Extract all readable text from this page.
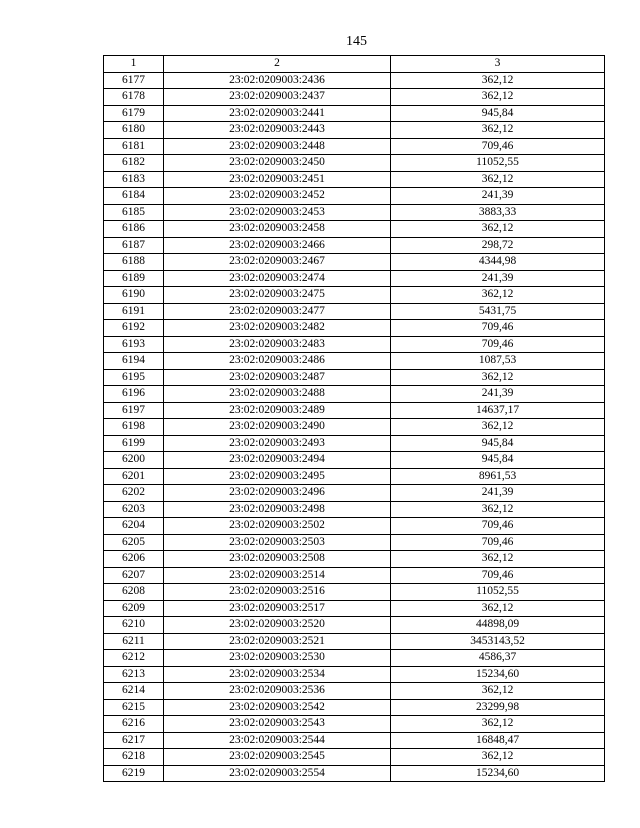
145
1	2	3
6177	23:02:0209003:2436	362,12
6178	23:02:0209003:2437	362,12
6179	23:02:0209003:2441	945,84
6180	23:02:0209003:2443	362,12
6181	23:02:0209003:2448	709,46
6182	23:02:0209003:2450	11052,55
6183	23:02:0209003:2451	362,12
6184	23:02:0209003:2452	241,39
6185	23:02:0209003:2453	3883,33
6186	23:02:0209003:2458	362,12
6187	23:02:0209003:2466	298,72
6188	23:02:0209003:2467	4344,98
6189	23:02:0209003:2474	241,39
6190	23:02:0209003:2475	362,12
6191	23:02:0209003:2477	5431,75
6192	23:02:0209003:2482	709,46
6193	23:02:0209003:2483	709,46
6194	23:02:0209003:2486	1087,53
6195	23:02:0209003:2487	362,12
6196	23:02:0209003:2488	241,39
6197	23:02:0209003:2489	14637,17
6198	23:02:0209003:2490	362,12
6199	23:02:0209003:2493	945,84
6200	23:02:0209003:2494	945,84
6201	23:02:0209003:2495	8961,53
6202	23:02:0209003:2496	241,39
6203	23:02:0209003:2498	362,12
6204	23:02:0209003:2502	709,46
6205	23:02:0209003:2503	709,46
6206	23:02:0209003:2508	362,12
6207	23:02:0209003:2514	709,46
6208	23:02:0209003:2516	11052,55
6209	23:02:0209003:2517	362,12
6210	23:02:0209003:2520	44898,09
6211	23:02:0209003:2521	3453143,52
6212	23:02:0209003:2530	4586,37
6213	23:02:0209003:2534	15234,60
6214	23:02:0209003:2536	362,12
6215	23:02:0209003:2542	23299,98
6216	23:02:0209003:2543	362,12
6217	23:02:0209003:2544	16848,47
6218	23:02:0209003:2545	362,12
6219	23:02:0209003:2554	15234,60
